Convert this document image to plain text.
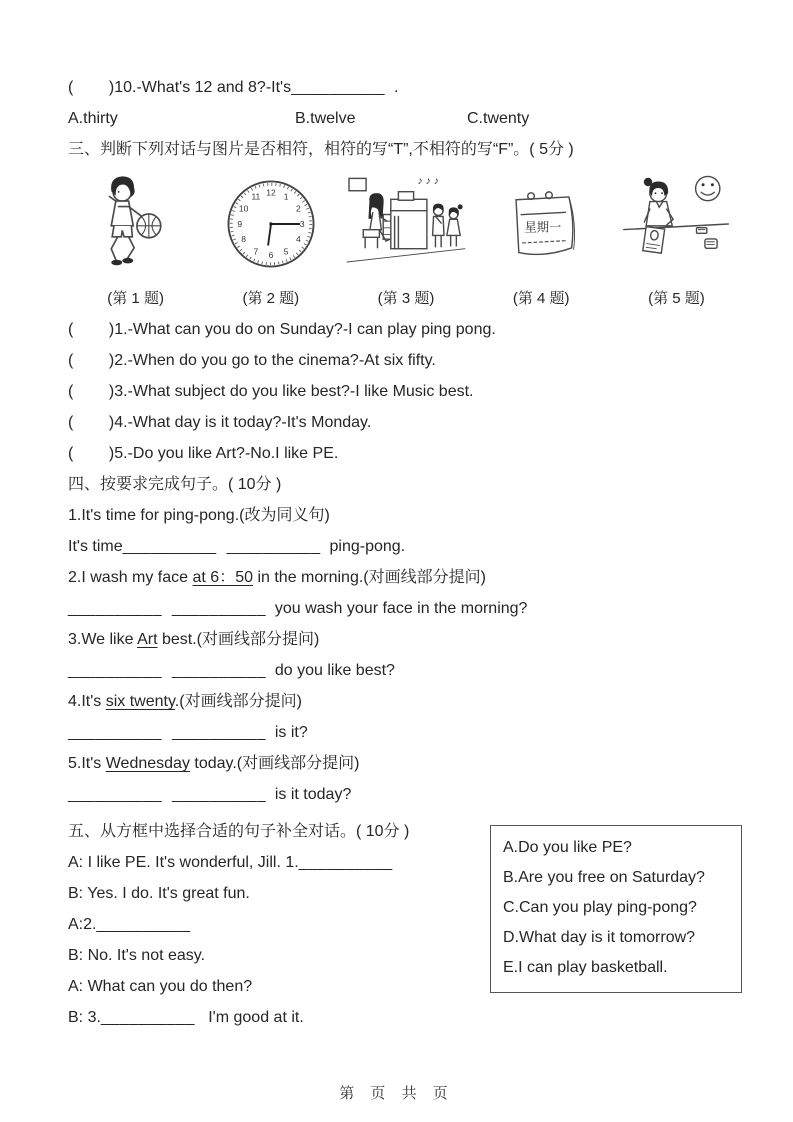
(        )10.-What's 12 and 8?-It's__________  .

A.thirty	B.twelve	C.twenty

三、判断下列对话与图片是否相符，相符的写“T”,不相符的写“F”。( 5分 )

12 1
2
3
4
5
6
7
8
9
10
11
♪ ♪ ♪
星期一
(第 1 题)	(第 2 题)	(第 3 题)	(第 4 题)	(第 5 题)

(        )1.-What can you do on Sunday?-I can play ping pong.

(        )2.-When do you go to the cinema?-At six fifty.

(        )3.-What subject do you like best?-I like Music best.

(        )4.-What day is it today?-It's Monday.

(        )5.-Do you like Art?-No.I like PE.

四、按要求完成句子。( 10分 )

1.It's time for ping-pong.(改为同义句)

It's time__________ __________  ping-pong.

2.I wash my face at 6：50 in the morning.(对画线部分提问)

__________ __________  you wash your face in the morning?

3.We like Art best.(对画线部分提问)

__________ __________  do you like best?

4.It's six twenty.(对画线部分提问)

__________ __________  is it?

5.It's Wednesday today.(对画线部分提问)

__________ __________  is it today?

五、从方框中选择合适的句子补全对话。( 10分 )

A: I like PE. It's wonderful, Jill. 1.__________

B: Yes. I do. It's great fun.

A:2.__________

B: No. It's not easy.

A: What can you do then?

B: 3.__________   I'm good at it.

A.Do you like PE?

B.Are you free on Saturday?

C.Can you play ping-pong?

D.What day is it tomorrow?

E.I can play basketball.

第 页 共 页
